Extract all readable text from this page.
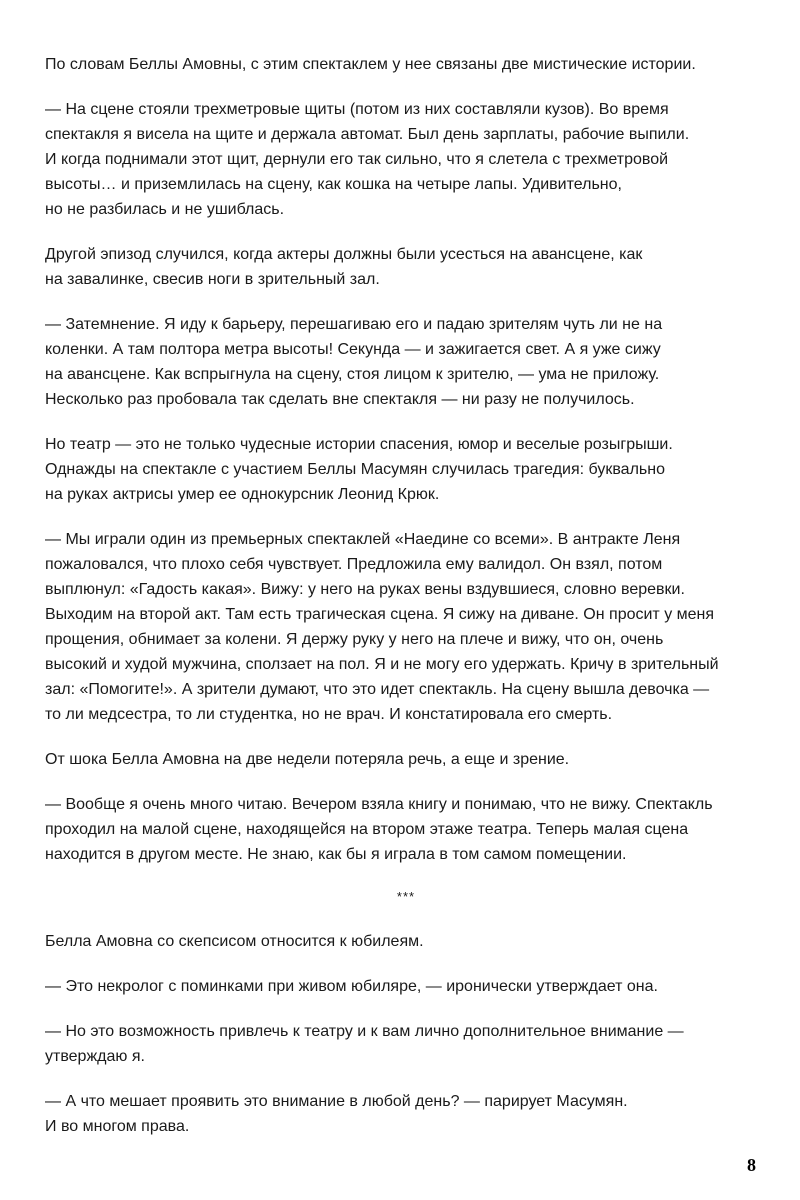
По словам Беллы Амовны, с этим спектаклем у нее связаны две мистические истории.

— На сцене стояли трехметровые щиты (потом из них составляли кузов). Во время
спектакля я висела на щите и держала автомат. Был день зарплаты, рабочие выпили.
И когда поднимали этот щит, дернули его так сильно, что я слетела с трехметровой
высоты… и приземлилась на сцену, как кошка на четыре лапы. Удивительно,
но не разбилась и не ушиблась.

Другой эпизод случился, когда актеры должны были усесться на авансцене, как
на завалинке, свесив ноги в зрительный зал.

— Затемнение. Я иду к барьеру, перешагиваю его и падаю зрителям чуть ли не на
коленки. А там полтора метра высоты! Секунда — и зажигается свет. А я уже сижу
на авансцене. Как вспрыгнула на сцену, стоя лицом к зрителю, — ума не приложу.
Несколько раз пробовала так сделать вне спектакля — ни разу не получилось.

Но театр — это не только чудесные истории спасения, юмор и веселые розыгрыши.
Однажды на спектакле с участием Беллы Масумян случилась трагедия: буквально
на руках актрисы умер ее однокурсник Леонид Крюк.

— Мы играли один из премьерных спектаклей «Наедине со всеми». В антракте Леня
пожаловался, что плохо себя чувствует. Предложила ему валидол. Он взял, потом
выплюнул: «Гадость какая». Вижу: у него на руках вены вздувшиеся, словно веревки.
Выходим на второй акт. Там есть трагическая сцена. Я сижу на диване. Он просит у меня
прощения, обнимает за колени. Я держу руку у него на плече и вижу, что он, очень
высокий и худой мужчина, сползает на пол. Я и не могу его удержать. Кричу в зрительный
зал: «Помогите!». А зрители думают, что это идет спектакль. На сцену вышла девочка —
то ли медсестра, то ли студентка, но не врач. И констатировала его смерть.

От шока Белла Амовна на две недели потеряла речь, а еще и зрение.

— Вообще я очень много читаю. Вечером взяла книгу и понимаю, что не вижу. Спектакль
проходил на малой сцене, находящейся на втором этаже театра. Теперь малая сцена
находится в другом месте. Не знаю, как бы я играла в том самом помещении.

***

Белла Амовна со скепсисом относится к юбилеям.

— Это некролог с поминками при живом юбиляре, — иронически утверждает она.

— Но это возможность привлечь к театру и к вам лично дополнительное внимание —
утверждаю я.

— А что мешает проявить это внимание в любой день? — парирует Масумян.
И во многом права.

8
